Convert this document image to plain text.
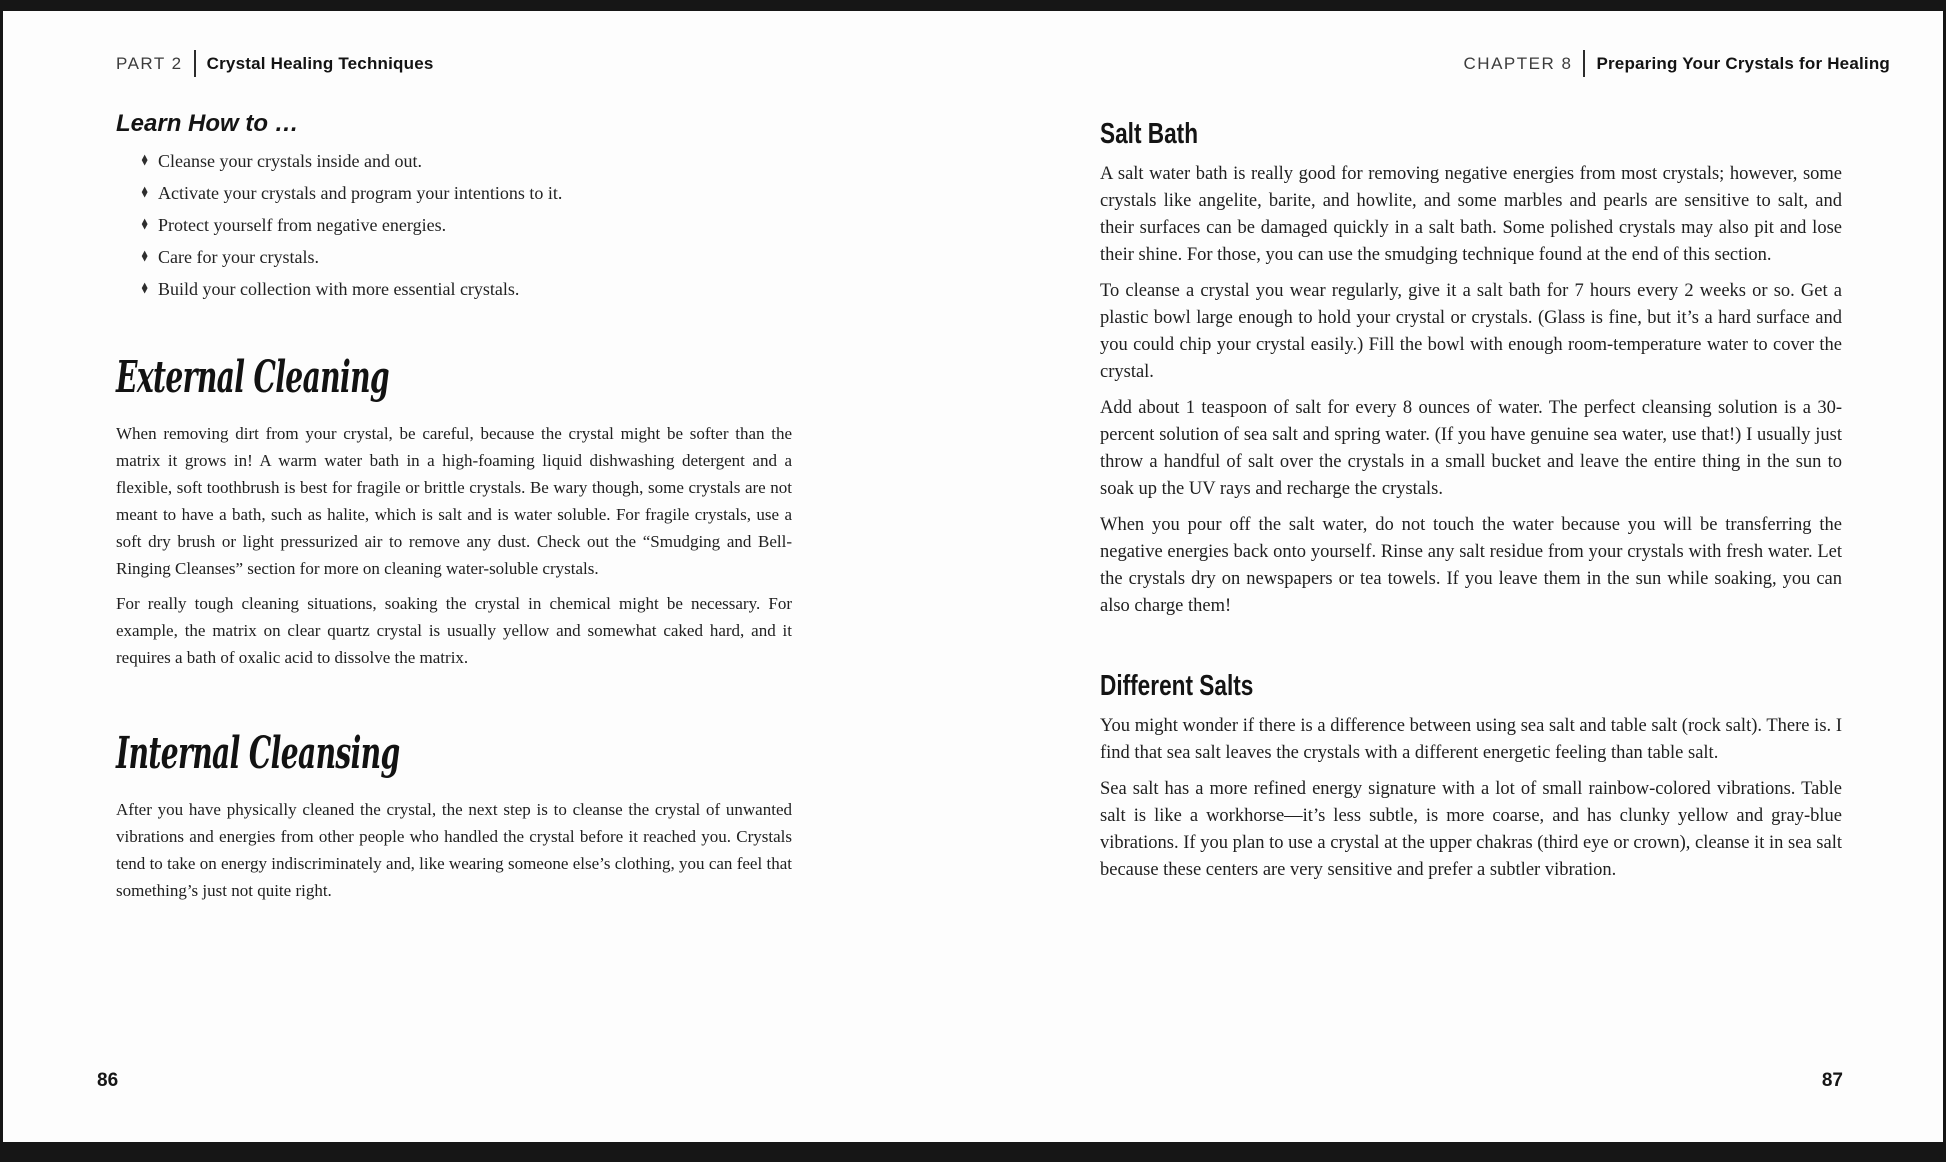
PART 2 Crystal Healing Techniques	CHAPTER 8 Preparing Your Crystals for Healing
Learn How to …
♦ Cleanse your crystals inside and out.
♦ Activate your crystals and program your intentions to it.
♦ Protect yourself from negative energies.
♦ Care for your crystals.
♦ Build your collection with more essential crystals.
External Cleaning

When removing dirt from your crystal, be careful, because the crystal might be softer than the matrix it grows in! A warm water bath in a high-foaming liquid dishwashing detergent and a flexible, soft toothbrush is best for fragile or brittle crystals. Be wary though, some crystals are not meant to have a bath, such as halite, which is salt and is water soluble. For fragile crystals, use a soft dry brush or light pressurized air to remove any dust. Check out the “Smudging and Bell-Ringing Cleanses” section for more on cleaning water-soluble crystals.

For really tough cleaning situations, soaking the crystal in chemical might be necessary. For example, the matrix on clear quartz crystal is usually yellow and somewhat caked hard, and it requires a bath of oxalic acid to dissolve the matrix.

Internal Cleansing

After you have physically cleaned the crystal, the next step is to cleanse the crystal of unwanted vibrations and energies from other people who handled the crystal before it reached you. Crystals tend to take on energy indiscriminately and, like wearing someone else’s clothing, you can feel that something’s just not quite right.

Salt Bath

A salt water bath is really good for removing negative energies from most crystals; however, some crystals like angelite, barite, and howlite, and some marbles and pearls are sensitive to salt, and their surfaces can be damaged quickly in a salt bath. Some polished crystals may also pit and lose their shine. For those, you can use the smudging technique found at the end of this section.

To cleanse a crystal you wear regularly, give it a salt bath for 7 hours every 2 weeks or so. Get a plastic bowl large enough to hold your crystal or crystals. (Glass is fine, but it’s a hard surface and you could chip your crystal easily.) Fill the bowl with enough room-temperature water to cover the crystal.

Add about 1 teaspoon of salt for every 8 ounces of water. The perfect cleansing solution is a 30-percent solution of sea salt and spring water. (If you have genuine sea water, use that!) I usually just throw a handful of salt over the crystals in a small bucket and leave the entire thing in the sun to soak up the UV rays and recharge the crystals.

When you pour off the salt water, do not touch the water because you will be transferring the negative energies back onto yourself. Rinse any salt residue from your crystals with fresh water. Let the crystals dry on newspapers or tea towels. If you leave them in the sun while soaking, you can also charge them!

Different Salts

You might wonder if there is a difference between using sea salt and table salt (rock salt). There is. I find that sea salt leaves the crystals with a different energetic feeling than table salt.

Sea salt has a more refined energy signature with a lot of small rainbow-colored vibrations. Table salt is like a workhorse—it’s less subtle, is more coarse, and has clunky yellow and gray-blue vibrations. If you plan to use a crystal at the upper chakras (third eye or crown), cleanse it in sea salt because these centers are very sensitive and prefer a subtler vibration.

86	87
